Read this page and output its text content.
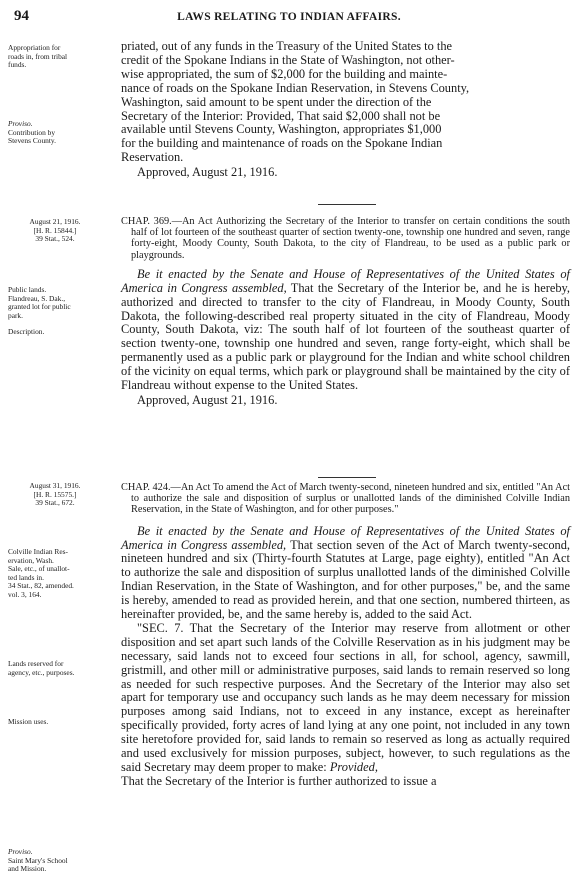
94	LAWS RELATING TO INDIAN AFFAIRS.

Appropriation for

roads in, from tribal

funds.

Proviso.

Contribution by

Stevens County.

priated, out of any funds in the Treasury of the United States to the

credit of the Spokane Indians in the State of Washington, not other-

wise appropriated, the sum of $2,000 for the building and mainte-

nance of roads on the Spokane Indian Reservation, in Stevens County,

Washington, said amount to be spent under the direction of the

Secretary of the Interior: Provided, That said $2,000 shall not be

available until Stevens County, Washington, appropriates $1,000

for the building and maintenance of roads on the Spokane Indian

Reservation.

Approved, August 21, 1916.

August 21, 1916.

[H. R. 15844.]

39 Stat., 524.

Public lands.

Flandreau, S. Dak.,

granted lot for public

park.

Description.

CHAP. 369.—An Act Authorizing the Secretary of the Interior to transfer on certain conditions the south half of lot fourteen of the southeast quarter of section twenty-one, township one hundred and seven, range forty-eight, Moody County, South Dakota, to the city of Flandreau, to be used as a public park or playgrounds.

Be it enacted by the Senate and House of Representatives of the United States of America in Congress assembled, That the Secretary of the Interior be, and he is hereby, authorized and directed to transfer to the city of Flandreau, in Moody County, South Dakota, the following-described real property situated in the city of Flandreau, Moody County, South Dakota, viz: The south half of lot fourteen of the southeast quarter of section twenty-one, township one hundred and seven, range forty-eight, which shall be permanently used as a public park or playground for the Indian and white school children of the vicinity on equal terms, which park or playground shall be maintained by the city of Flandreau without expense to the United States.

Approved, August 21, 1916.

August 31, 1916.

[H. R. 15575.]

39 Stat., 672.

Colville Indian Res-

ervation, Wash.

Sale, etc., of unallot-

ted lands in.

34 Stat., 82, amended.

vol. 3, 164.

Lands reserved for

agency, etc., purposes.

Mission uses.

Proviso.

Saint Mary's School

and Mission.

CHAP. 424.—An Act To amend the Act of March twenty-second, nineteen hundred and six, entitled "An Act to authorize the sale and disposition of surplus or unallotted lands of the diminished Colville Indian Reservation, in the State of Washington, and for other purposes."

Be it enacted by the Senate and House of Representatives of the United States of America in Congress assembled, That section seven of the Act of March twenty-second, nineteen hundred and six (Thirty-fourth Statutes at Large, page eighty), entitled "An Act to authorize the sale and disposition of surplus unallotted lands of the diminished Colville Indian Reservation, in the State of Washington, and for other purposes," be, and the same is hereby, amended to read as provided herein, and that one section, numbered thirteen, as hereinafter provided, be, and the same hereby is, added to the said Act.

"SEC. 7. That the Secretary of the Interior may reserve from allotment or other disposition and set apart such lands of the Colville Reservation as in his judgment may be necessary, said lands not to exceed four sections in all, for school, agency, sawmill, gristmill, and other mill or administrative purposes, said lands to remain reserved so long as needed for such respective purposes. And the Secretary of the Interior may also set apart for temporary use and occupancy such lands as he may deem necessary for mission purposes among said Indians, not to exceed in any instance, except as hereinafter specifically provided, forty acres of land lying at any one point, not included in any town site heretofore provided for, said lands to remain so reserved as long as actually required and used exclusively for mission purposes, subject, however, to such regulations as the said Secretary may deem proper to make: Provided,

That the Secretary of the Interior is further authorized to issue a
